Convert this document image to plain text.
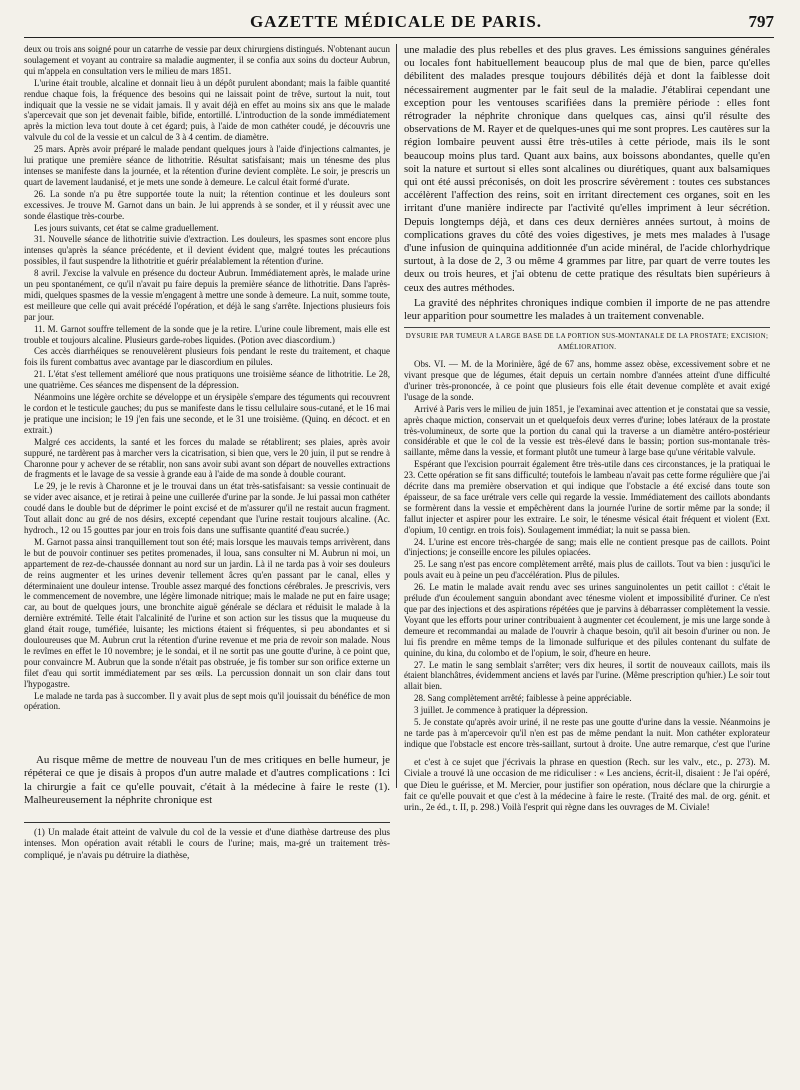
GAZETTE MÉDICALE DE PARIS.	797

deux ou trois ans soigné pour un catarrhe de vessie par deux chirurgiens distingués. N'obtenant aucun soulagement et voyant au contraire sa maladie augmenter, il se confia aux soins du docteur Aubrun, qui m'appela en consultation vers le milieu de mars 1851.

L'urine était trouble, alcaline et donnait lieu à un dépôt purulent abondant; mais la faible quantité rendue chaque fois, la fréquence des besoins qui ne laissait point de trêve, surtout la nuit, tout indiquait que la vessie ne se vidait jamais. Il y avait déjà en effet au moins six ans que le malade s'apercevait que son jet devenait faible, bifide, entortillé. L'introduction de la sonde immédiatement après la miction leva tout doute à cet égard; puis, à l'aide de mon cathéter coudé, je découvris une valvule du col de la vessie et un calcul de 3 à 4 centim. de diamètre.

25 mars. Après avoir préparé le malade pendant quelques jours à l'aide d'injections calmantes, je lui pratique une première séance de lithotritie. Résultat satisfaisant; mais un ténesme des plus intenses se manifeste dans la journée, et la rétention d'urine devient complète. Le soir, je prescris un quart de lavement laudanisé, et je mets une sonde à demeure. Le calcul était formé d'urate.

26. La sonde n'a pu être supportée toute la nuit; la rétention continue et les douleurs sont excessives. Je trouve M. Garnot dans un bain. Je lui apprends à se sonder, et il y réussit avec une sonde élastique très-courbe.

Les jours suivants, cet état se calme graduellement.

31. Nouvelle séance de lithotritie suivie d'extraction. Les douleurs, les spasmes sont encore plus intenses qu'après la séance précédente, et il devient évident que, malgré toutes les précautions possibles, il faut suspendre la lithotritie et guérir préalablement la rétention d'urine.

8 avril. J'excise la valvule en présence du docteur Aubrun. Immédiatement après, le malade urine un peu spontanément, ce qu'il n'avait pu faire depuis la première séance de lithotritie. Dans l'après-midi, quelques spasmes de la vessie m'engagent à mettre une sonde à demeure. La nuit, somme toute, est meilleure que celle qui avait précédé l'opération, et déjà le sang s'arrête. Injections plusieurs fois par jour.

11. M. Garnot souffre tellement de la sonde que je la retire. L'urine coule librement, mais elle est trouble et toujours alcaline. Plusieurs garde-robes liquides. (Potion avec diascordium.)

Ces accès diarrhéiques se renouvelèrent plusieurs fois pendant le reste du traitement, et chaque fois ils furent combattus avec avantage par le diascordium en pilules.

21. L'état s'est tellement amélioré que nous pratiquons une troisième séance de lithotritie. Le 28, une quatrième. Ces séances me dispensent de la dépression.

Néanmoins une légère orchite se développe et un érysipèle s'empare des téguments qui recouvrent le cordon et le testicule gauches; du pus se manifeste dans le tissu cellulaire sous-cutané, et le 16 mai je pratique une incision; le 19 j'en fais une seconde, et le 31 une troisième. (Quinq. en décoct. et en extrait.)

Malgré ces accidents, la santé et les forces du malade se rétablirent; ses plaies, après avoir suppuré, ne tardèrent pas à marcher vers la cicatrisation, si bien que, vers le 20 juin, il put se rendre à Charonne pour y achever de se rétablir, non sans avoir subi avant son départ de nouvelles extractions de fragments et le lavage de sa vessie à grande eau à l'aide de ma sonde à double courant.

Le 29, je le revis à Charonne et je le trouvai dans un état très-satisfaisant: sa vessie continuait de se vider avec aisance, et je retirai à peine une cuillerée d'urine par la sonde. Je lui passai mon cathéter coudé dans le double but de déprimer le point excisé et de m'assurer qu'il ne restait aucun fragment. Tout allait donc au gré de nos désirs, excepté cependant que l'urine restait toujours alcaline. (Ac. hydroch., 12 ou 15 gouttes par jour en trois fois dans une suffisante quantité d'eau sucrée.)

M. Garnot passa ainsi tranquillement tout son été; mais lorsque les mauvais temps arrivèrent, dans le but de pouvoir continuer ses petites promenades, il loua, sans consulter ni M. Aubrun ni moi, un appartement de rez-de-chaussée donnant au nord sur un jardin. Là il ne tarda pas à voir ses douleurs de reins augmenter et les urines devenir tellement âcres qu'en passant par le canal, elles y déterminaient une douleur intense. Trouble assez marqué des fonctions cérébrales. Je prescrivis, vers le commencement de novembre, une légère limonade nitrique; mais le malade ne put en faire usage; car, au bout de quelques jours, une bronchite aiguë générale se déclara et réduisit le malade à la dernière extrémité. Telle était l'alcalinité de l'urine et son action sur les tissus que la muqueuse du gland était rouge, tuméfiée, luisante; les mictions étaient si fréquentes, si peu abondantes et si douloureuses que M. Aubrun crut la rétention d'urine revenue et me pria de revoir son malade. Nous le revîmes en effet le 10 novembre; je le sondai, et il ne sortit pas une goutte d'urine, à ce point que, pour convaincre M. Aubrun que la sonde n'était pas obstruée, je fis tomber sur son orifice externe un filet d'eau qui sortit immédiatement par ses œils. La percussion donnait un son clair dans tout l'hypogastre.

Le malade ne tarda pas à succomber. Il y avait plus de sept mois qu'il jouissait du bénéfice de mon opération.

une maladie des plus rebelles et des plus graves. Les émissions sanguines générales ou locales font habituellement beaucoup plus de mal que de bien, parce qu'elles débilitent des malades presque toujours débilités déjà et dont la faiblesse doit nécessairement augmenter par le fait seul de la maladie. J'établirai cependant une exception pour les ventouses scarifiées dans la première période : elles font rétrograder la néphrite chronique dans quelques cas, ainsi qu'il résulte des observations de M. Rayer et de quelques-unes qui me sont propres. Les cautères sur la région lombaire peuvent aussi être très-utiles à cette période, mais ils le sont beaucoup moins plus tard. Quant aux bains, aux boissons abondantes, quelle qu'en soit la nature et surtout si elles sont alcalines ou diurétiques, quant aux balsamiques qui ont été aussi préconisés, on doit les proscrire sévèrement : toutes ces substances accélèrent l'affection des reins, soit en irritant directement ces organes, soit en les irritant d'une manière indirecte par l'activité qu'elles impriment à leur sécrétion. Depuis longtemps déjà, et dans ces deux dernières années surtout, à moins de complications graves du côté des voies digestives, je mets mes malades à l'usage d'une infusion de quinquina additionnée d'un acide minéral, de l'acide chlorhydrique surtout, à la dose de 2, 3 ou même 4 grammes par litre, par quart de verre toutes les deux ou trois heures, et j'ai obtenu de cette pratique des résultats bien supérieurs à ceux des autres méthodes.

La gravité des néphrites chroniques indique combien il importe de ne pas attendre leur apparition pour soumettre les malades à un traitement convenable.

DYSURIE PAR TUMEUR A LARGE BASE DE LA PORTION SUS-MONTANALE DE LA PROSTATE; EXCISION; AMÉLIORATION.

Obs. VI. — M. de la Morinière, âgé de 67 ans, homme assez obèse, excessivement sobre et ne vivant presque que de légumes, était depuis un certain nombre d'années atteint d'une difficulté d'uriner très-prononcée, à ce point que plusieurs fois elle était devenue complète et avait exigé l'usage de la sonde.

Arrivé à Paris vers le milieu de juin 1851, je l'examinai avec attention et je constatai que sa vessie, après chaque miction, conservait un et quelquefois deux verres d'urine; lobes latéraux de la prostate très-volumineux, de sorte que la portion du canal qui la traverse a un diamètre antéro-postérieur considérable et que le col de la vessie est très-élevé dans le bassin; portion sus-montanale très-saillante, même dans la vessie, et formant plutôt une tumeur à large base qu'une véritable valvule.

Espérant que l'excision pourrait également être très-utile dans ces circonstances, je la pratiquai le 23. Cette opération se fit sans difficulté; toutefois le lambeau n'avait pas cette forme régulière que j'ai décrite dans ma première observation et qui indique que l'obstacle a été excisé dans toute son épaisseur, de sa face urétrale vers celle qui regarde la vessie. Immédiatement des caillots abondants se formèrent dans la vessie et empêchèrent dans la journée l'urine de sortir même par la sonde; il fallut injecter et aspirer pour les extraire. Le soir, le ténesme vésical était fréquent et violent (Ext. d'opium, 10 centigr. en trois fois). Soulagement immédiat; la nuit se passa bien.

24. L'urine est encore très-chargée de sang; mais elle ne contient presque pas de caillots. Point d'injections; je conseille encore les pilules opiacées.

25. Le sang n'est pas encore complètement arrêté, mais plus de caillots. Tout va bien : jusqu'ici le pouls avait eu à peine un peu d'accélération. Plus de pilules.

26. Le matin le malade avait rendu avec ses urines sanguinolentes un petit caillot : c'était le prélude d'un écoulement sanguin abondant avec ténesme violent et impossibilité d'uriner. Ce n'est que par des injections et des aspirations répétées que je parvins à débarrasser complètement la vessie. Voyant que les efforts pour uriner contribuaient à augmenter cet écoulement, je mis une large sonde à demeure et recommandai au malade de l'ouvrir à chaque besoin, qu'il ait besoin d'uriner ou non. Je lui fis prendre en même temps de la limonade sulfurique et des pilules contenant du sulfate de quinine, du kina, du colombo et de l'opium, le soir, d'heure en heure.

27. Le matin le sang semblait s'arrêter; vers dix heures, il sortit de nouveaux caillots, mais ils étaient blanchâtres, évidemment anciens et lavés par l'urine. (Même prescription qu'hier.) Le soir tout allait bien.

28. Sang complètement arrêté; faiblesse à peine appréciable.

3 juillet. Je commence à pratiquer la dépression.

5. Je constate qu'après avoir uriné, il ne reste pas une goutte d'urine dans la vessie. Néanmoins je ne tarde pas à m'apercevoir qu'il n'en est pas de même pendant la nuit. Mon cathéter explorateur indique que l'obstacle est encore très-saillant, surtout à droite. Une autre remarque, c'est que l'urine

Au risque même de mettre de nouveau l'un de mes critiques en belle humeur, je répéterai ce que je disais à propos d'un autre malade et d'autres complications : Ici la chirurgie a fait ce qu'elle pouvait, c'était à la médecine à faire le reste (1). Malheureusement la néphrite chronique est

et c'est à ce sujet que j'écrivais la phrase en question (Rech. sur les valv., etc., p. 273). M. Civiale a trouvé là une occasion de me ridiculiser : « Les anciens, écrit-il, disaient : Je l'ai opéré, que Dieu le guérisse, et M. Mercier, pour justifier son opération, nous déclare que la chirurgie a fait ce qu'elle pouvait et que c'est à la médecine à faire le reste. (Traité des mal. de org. génit. et urin., 2e éd., t. II, p. 298.) Voilà l'esprit qui règne dans les ouvrages de M. Civiale!

(1) Un malade était atteint de valvule du col de la vessie et d'une diathèse dartreuse des plus intenses. Mon opération avait rétabli le cours de l'urine; mais, ma-gré un traitement très-compliqué, je n'avais pu détruire la diathèse,
